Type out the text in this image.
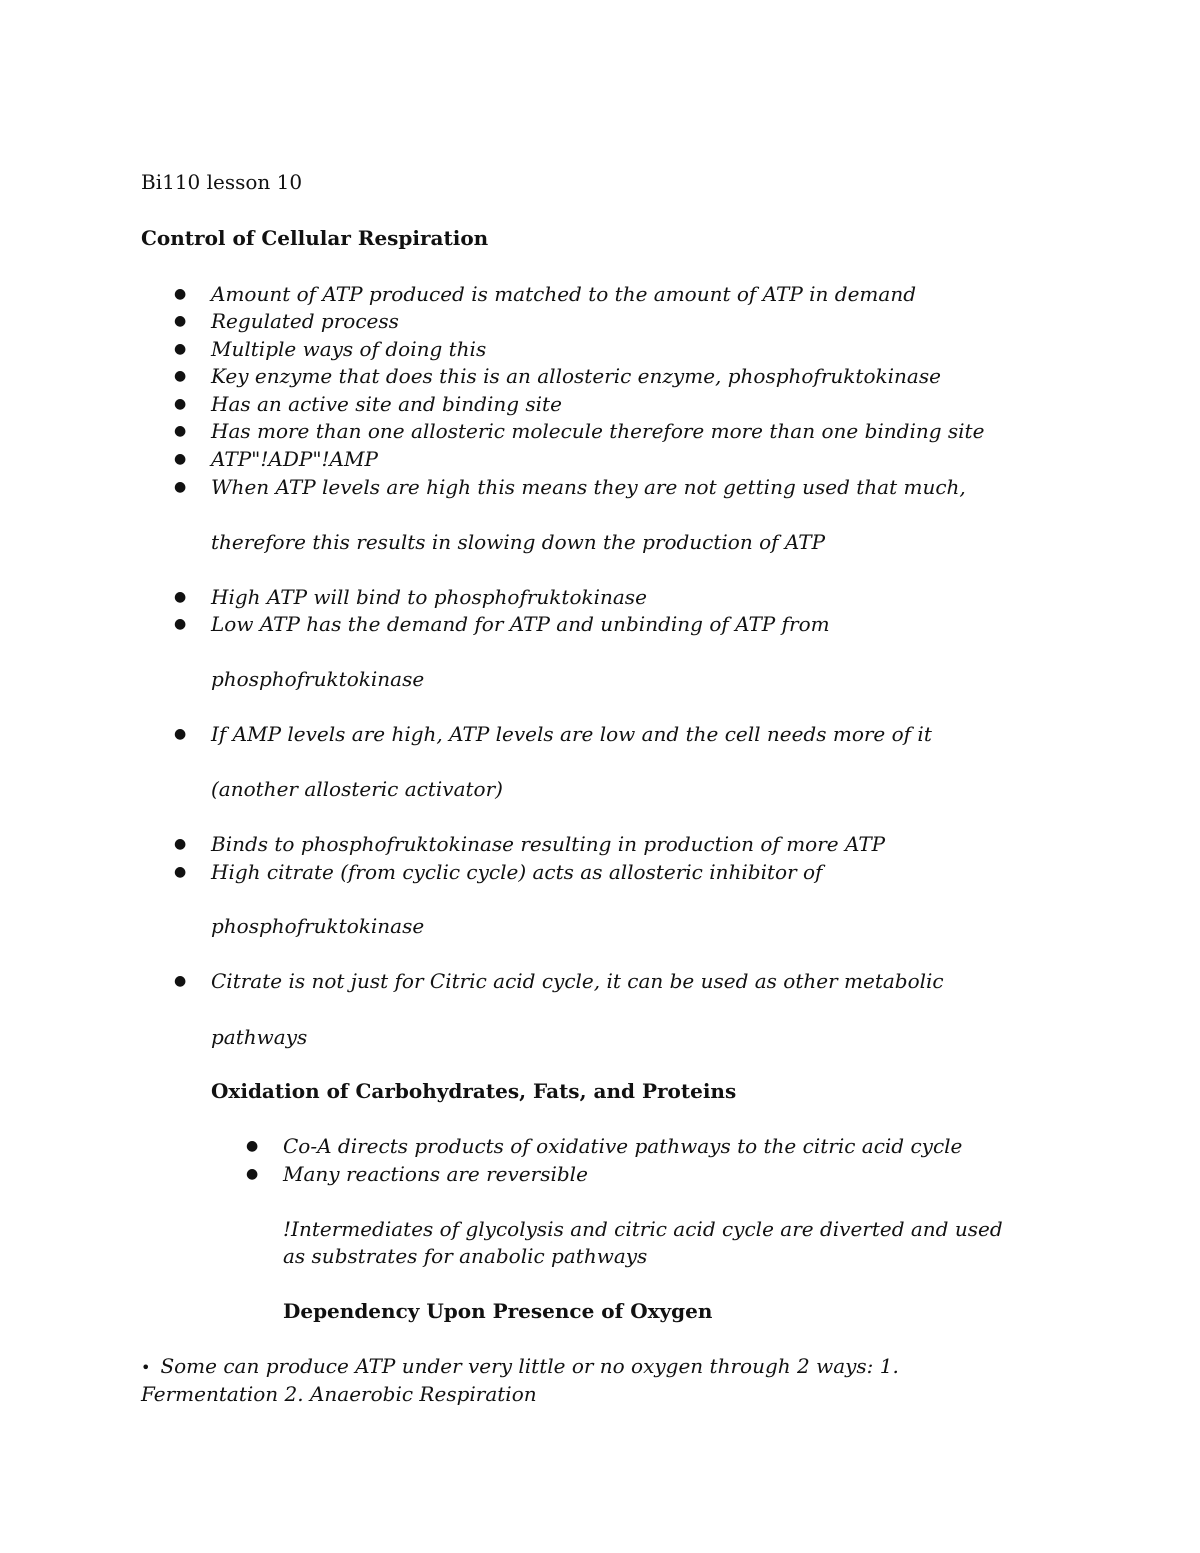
Bi110 lesson 10
Control of Cellular Respiration
● Amount of ATP produced is matched to the amount of ATP in demand
● Regulated process
● Multiple ways of doing this
● Key enzyme that does this is an allosteric enzyme, phosphofruktokinase
● Has an active site and binding site
● Has more than one allosteric molecule therefore more than one binding site
● ATP"!ADP"!AMP
● When ATP levels are high this means they are not getting used that much,
therefore this results in slowing down the production of ATP
● High ATP will bind to phosphofruktokinase
● Low ATP has the demand for ATP and unbinding of ATP from
phosphofruktokinase
● If AMP levels are high, ATP levels are low and the cell needs more of it
(another allosteric activator)
● Binds to phosphofruktokinase resulting in production of more ATP
● High citrate (from cyclic cycle) acts as allosteric inhibitor of
phosphofruktokinase
● Citrate is not just for Citric acid cycle, it can be used as other metabolic
pathways
Oxidation of Carbohydrates, Fats, and Proteins
● Co-A directs products of oxidative pathways to the citric acid cycle
● Many reactions are reversible
!Intermediates of glycolysis and citric acid cycle are diverted and used as substrates for anabolic pathways
Dependency Upon Presence of Oxygen
• Some can produce ATP under very little or no oxygen through 2 ways: 1. Fermentation 2. Anaerobic Respiration
